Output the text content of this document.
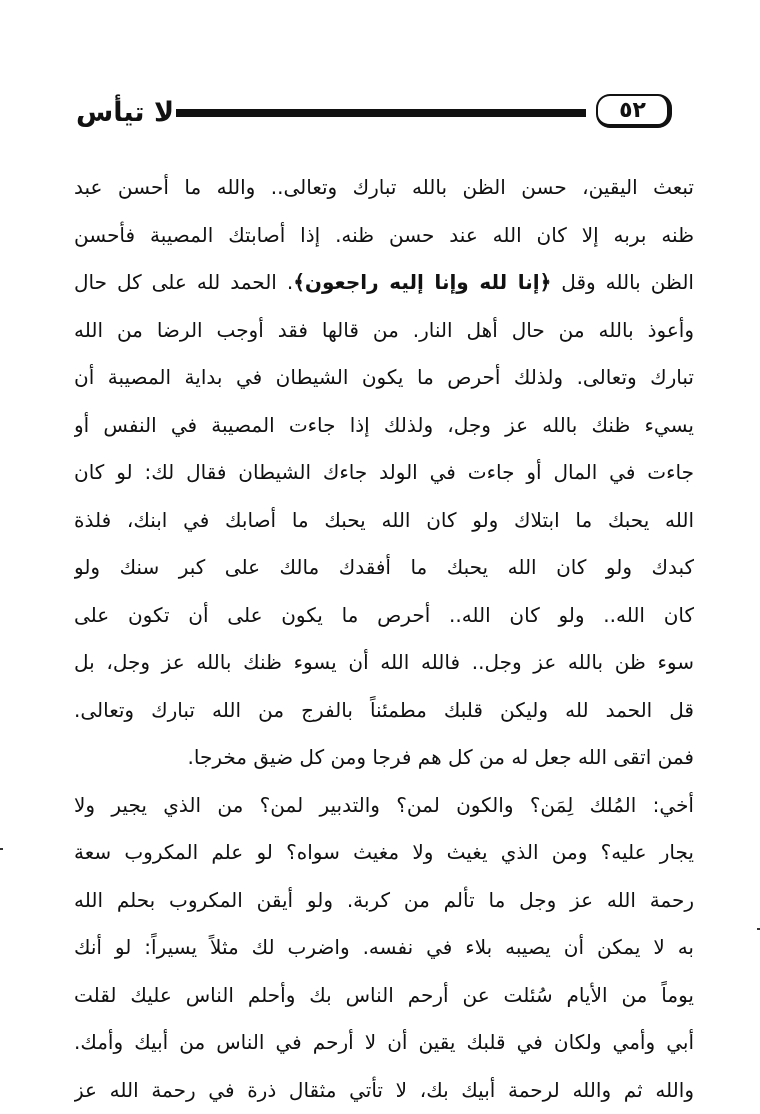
لا تيأس	٥٢
تبعث اليقين، حسن الظن بالله تبارك وتعالى.. والله ما أحسن عبد
ظنه بربه إلا كان الله عند حسن ظنه. إذا أصابتك المصيبة فأحسن
الظن بالله وقل ﴿إنا لله وإنا إليه راجعون﴾. الحمد لله على كل حال
وأعوذ بالله من حال أهل النار. من قالها فقد أوجب الرضا من الله
تبارك وتعالى. ولذلك أحرص ما يكون الشيطان في بداية المصيبة أن
يسيء ظنك بالله عز وجل، ولذلك إذا جاءت المصيبة في النفس أو
جاءت في المال أو جاءت في الولد جاءك الشيطان فقال لك: لو كان
الله يحبك ما ابتلاك ولو كان الله يحبك ما أصابك في ابنك، فلذة
كبدك ولو كان الله يحبك ما أفقدك مالك على كبر سنك ولو
كان الله.. ولو كان الله.. أحرص ما يكون على أن تكون على
سوء ظن بالله عز وجل.. فالله الله أن يسوء ظنك بالله عز وجل، بل
قل الحمد لله وليكن قلبك مطمئناً بالفرج من الله تبارك وتعالى.
فمن اتقى الله جعل له من كل هم فرجا ومن كل ضيق مخرجا.
أخي: المُلك لِمَن؟ والكون لمن؟ والتدبير لمن؟ من الذي يجير ولا
يجار عليه؟ ومن الذي يغيث ولا مغيث سواه؟ لو علم المكروب سعة
رحمة الله عز وجل ما تألم من كربة. ولو أيقن المكروب بحلم الله
به لا يمكن أن يصيبه بلاء في نفسه. واضرب لك مثلاً يسيراً: لو أنك
يوماً من الأيام سُئلت عن أرحم الناس بك وأحلم الناس عليك لقلت
أبي وأمي ولكان في قلبك يقين أن لا أرحم في الناس من أبيك وأمك.
والله ثم والله لرحمة أبيك بك، لا تأتي مثقال ذرة في رحمة الله عز
